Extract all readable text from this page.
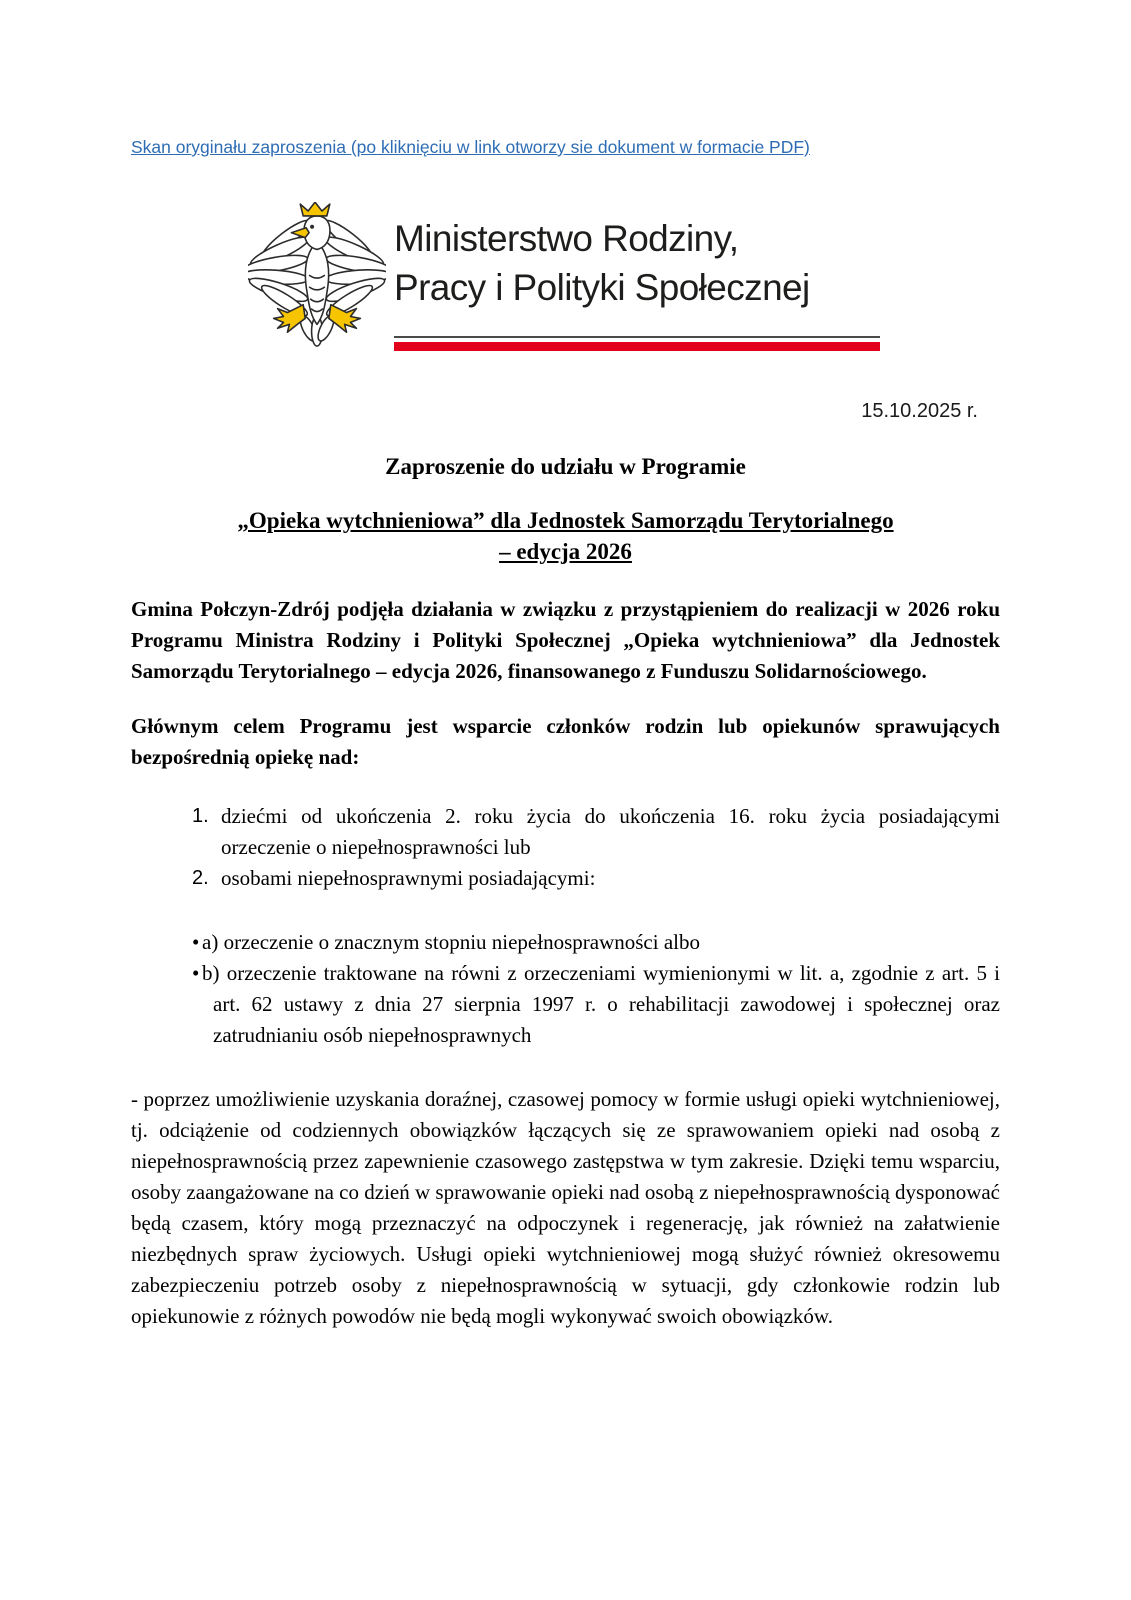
Skan oryginału zaproszenia (po kliknięciu w link otworzy sie dokument w formacie PDF)
Ministerstwo Rodziny,
Pracy i Polityki Społecznej
15.10.2025 r.
Zaproszenie do udziału w Programie
„Opieka wytchnieniowa” dla Jednostek Samorządu Terytorialnego
– edycja 2026
Gmina Połczyn-Zdrój podjęła działania w związku z przystąpieniem do realizacji w 2026 roku Programu Ministra Rodziny i Polityki Społecznej „Opieka wytchnieniowa” dla Jednostek Samorządu Terytorialnego – edycja 2026, finansowanego z Funduszu Solidarnościowego.
Głównym celem Programu jest wsparcie członków rodzin lub opiekunów sprawujących bezpośrednią opiekę nad:
1. dziećmi od ukończenia 2. roku życia do ukończenia 16. roku życia posiadającymi orzeczenie o niepełnosprawności lub
2. osobami niepełnosprawnymi posiadającymi:
• a) orzeczenie o znacznym stopniu niepełnosprawności albo
• b) orzeczenie traktowane na równi z orzeczeniami wymienionymi w lit. a, zgodnie z art. 5 i art. 62 ustawy z dnia 27 sierpnia 1997 r. o rehabilitacji zawodowej i społecznej oraz zatrudnianiu osób niepełnosprawnych
- poprzez umożliwienie uzyskania doraźnej, czasowej pomocy w formie usługi opieki wytchnieniowej, tj. odciążenie od codziennych obowiązków łączących się ze sprawowaniem opieki nad osobą z niepełnosprawnością przez zapewnienie czasowego zastępstwa w tym zakresie. Dzięki temu wsparciu, osoby zaangażowane na co dzień w sprawowanie opieki nad osobą z niepełnosprawnością dysponować będą czasem, który mogą przeznaczyć na odpoczynek i regenerację, jak również na załatwienie niezbędnych spraw życiowych. Usługi opieki wytchnieniowej mogą służyć również okresowemu zabezpieczeniu potrzeb osoby z niepełnosprawnością w sytuacji, gdy członkowie rodzin lub opiekunowie z różnych powodów nie będą mogli wykonywać swoich obowiązków.
